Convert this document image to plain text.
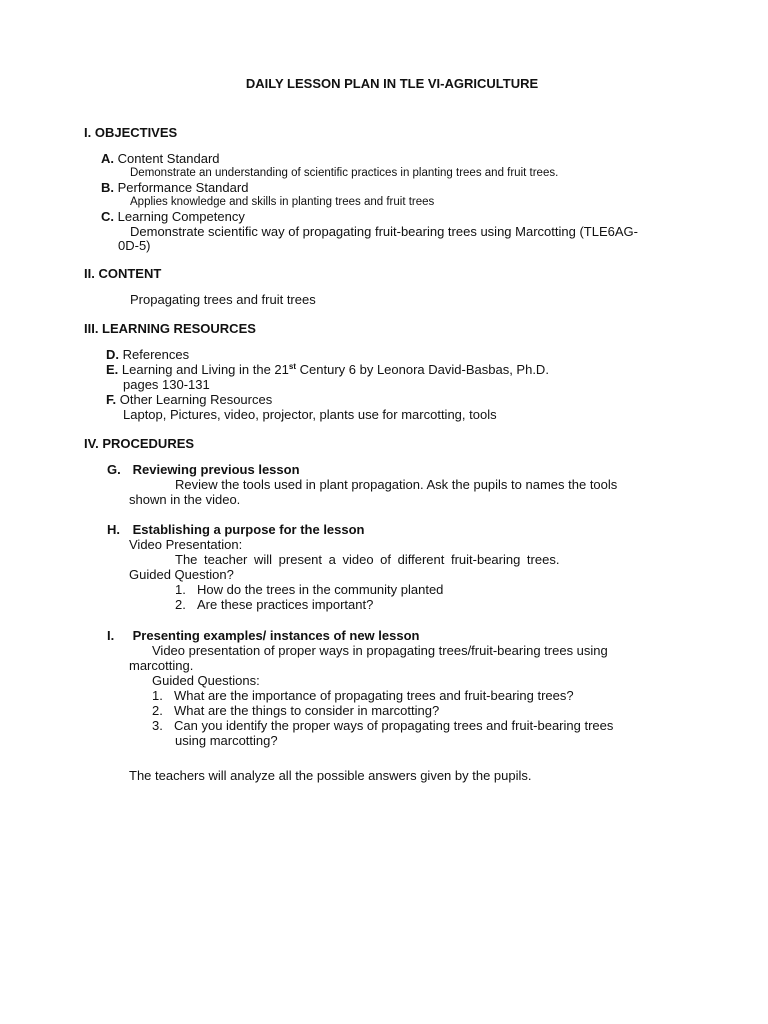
DAILY LESSON PLAN IN TLE VI-AGRICULTURE
I. OBJECTIVES
A. Content Standard
Demonstrate an understanding of scientific practices in planting trees and fruit trees.
B. Performance Standard
Applies knowledge and skills in planting trees and fruit trees
C. Learning Competency
Demonstrate scientific way of propagating fruit-bearing trees using Marcotting (TLE6AG-
0D-5)
II. CONTENT
Propagating trees and fruit trees
III. LEARNING RESOURCES
D. References
E. Learning and Living in the 21st Century 6 by Leonora David-Basbas, Ph.D.
pages 130-131
F. Other Learning Resources
Laptop, Pictures, video, projector, plants use for marcotting, tools
IV. PROCEDURES
G. Reviewing previous lesson
Review the tools used in plant propagation. Ask the pupils to names the tools
shown in the video.
H. Establishing a purpose for the lesson
Video Presentation:
The teacher will present a video of different fruit-bearing trees.
Guided Question?
1. How do the trees in the community planted
2. Are these practices important?
I. Presenting examples/ instances of new lesson
Video presentation of proper ways in propagating trees/fruit-bearing trees using
marcotting.
Guided Questions:
1. What are the importance of propagating trees and fruit-bearing trees?
2. What are the things to consider in marcotting?
3. Can you identify the proper ways of propagating trees and fruit-bearing trees
using marcotting?
The teachers will analyze all the possible answers given by the pupils.
